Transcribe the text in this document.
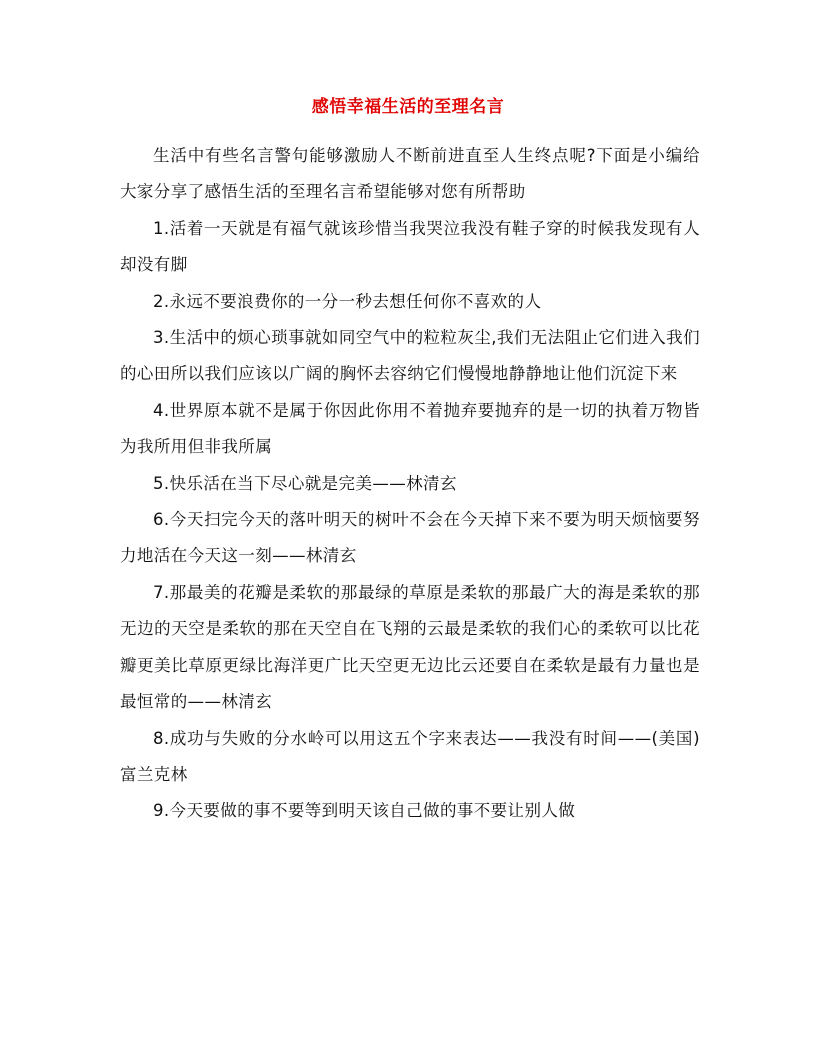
感悟幸福生活的至理名言

生活中有些名言警句能够激励人不断前进直至人生终点呢?下面是小编给大家分享了感悟生活的至理名言希望能够对您有所帮助

1.活着一天就是有福气就该珍惜当我哭泣我没有鞋子穿的时候我发现有人却没有脚

2.永远不要浪费你的一分一秒去想任何你不喜欢的人

3.生活中的烦心琐事就如同空气中的粒粒灰尘,我们无法阻止它们进入我们的心田所以我们应该以广阔的胸怀去容纳它们慢慢地静静地让他们沉淀下来

4.世界原本就不是属于你因此你用不着抛弃要抛弃的是一切的执着万物皆为我所用但非我所属

5.快乐活在当下尽心就是完美——林清玄

6.今天扫完今天的落叶明天的树叶不会在今天掉下来不要为明天烦恼要努力地活在今天这一刻——林清玄

7.那最美的花瓣是柔软的那最绿的草原是柔软的那最广大的海是柔软的那无边的天空是柔软的那在天空自在飞翔的云最是柔软的我们心的柔软可以比花瓣更美比草原更绿比海洋更广比天空更无边比云还要自在柔软是最有力量也是最恒常的——林清玄

8.成功与失败的分水岭可以用这五个字来表达——我没有时间——(美国)富兰克林

9.今天要做的事不要等到明天该自己做的事不要让别人做
